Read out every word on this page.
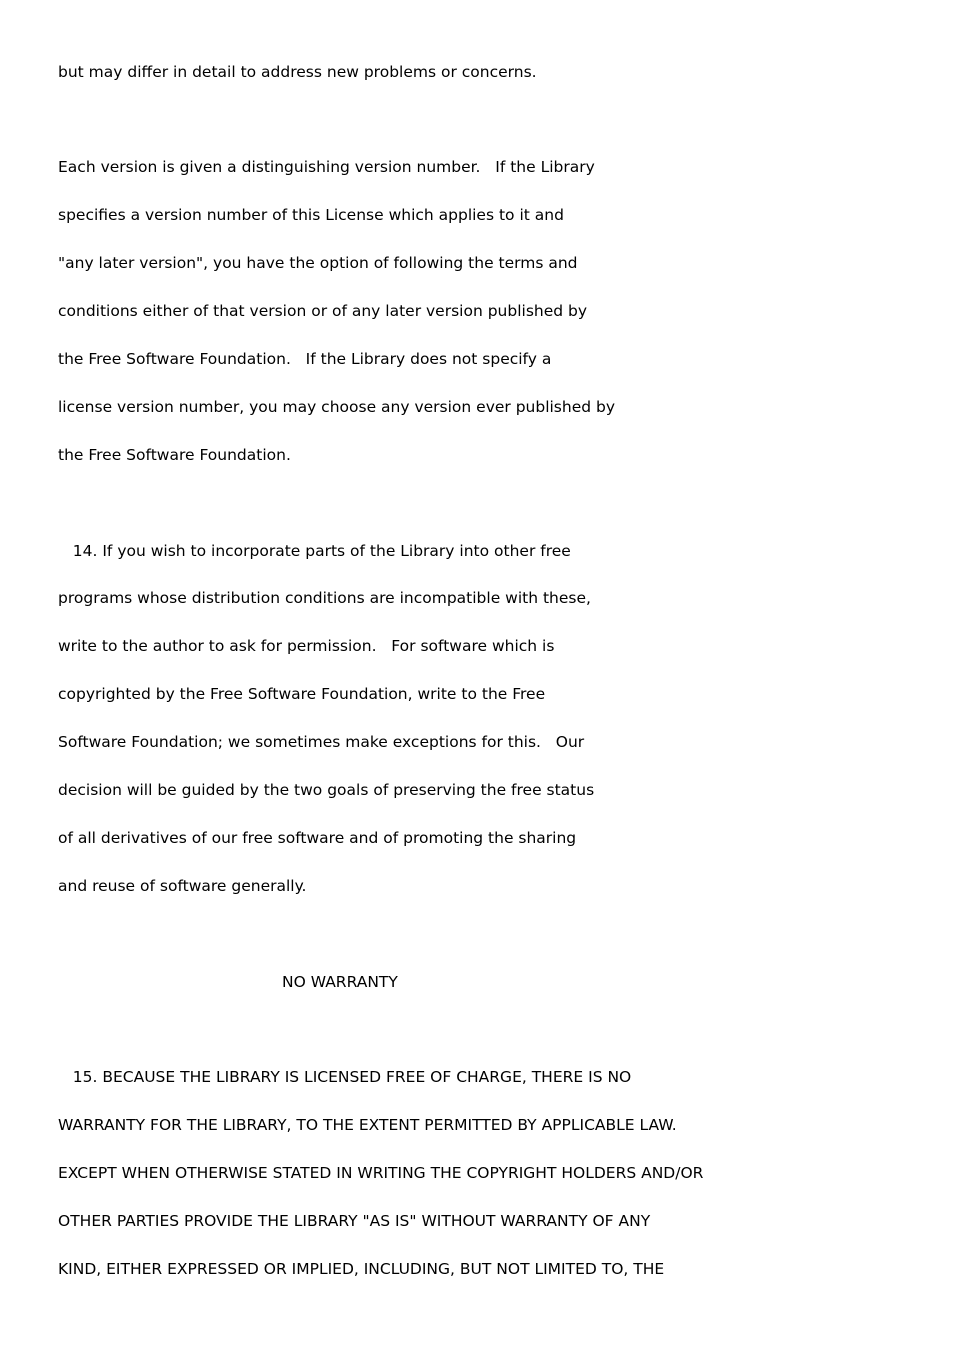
but may differ in detail to address new problems or concerns.
Each version is given a distinguishing version number.   If the Library
specifies a version number of this License which applies to it and
"any later version", you have the option of following the terms and
conditions either of that version or of any later version published by
the Free Software Foundation.   If the Library does not specify a
license version number, you may choose any version ever published by
the Free Software Foundation.
14. If you wish to incorporate parts of the Library into other free
programs whose distribution conditions are incompatible with these,
write to the author to ask for permission.   For software which is
copyrighted by the Free Software Foundation, write to the Free
Software Foundation; we sometimes make exceptions for this.   Our
decision will be guided by the two goals of preserving the free status
of all derivatives of our free software and of promoting the sharing
and reuse of software generally.
NO WARRANTY
15. BECAUSE THE LIBRARY IS LICENSED FREE OF CHARGE, THERE IS NO
WARRANTY FOR THE LIBRARY, TO THE EXTENT PERMITTED BY APPLICABLE LAW.
EXCEPT WHEN OTHERWISE STATED IN WRITING THE COPYRIGHT HOLDERS AND/OR
OTHER PARTIES PROVIDE THE LIBRARY "AS IS" WITHOUT WARRANTY OF ANY
KIND, EITHER EXPRESSED OR IMPLIED, INCLUDING, BUT NOT LIMITED TO, THE
